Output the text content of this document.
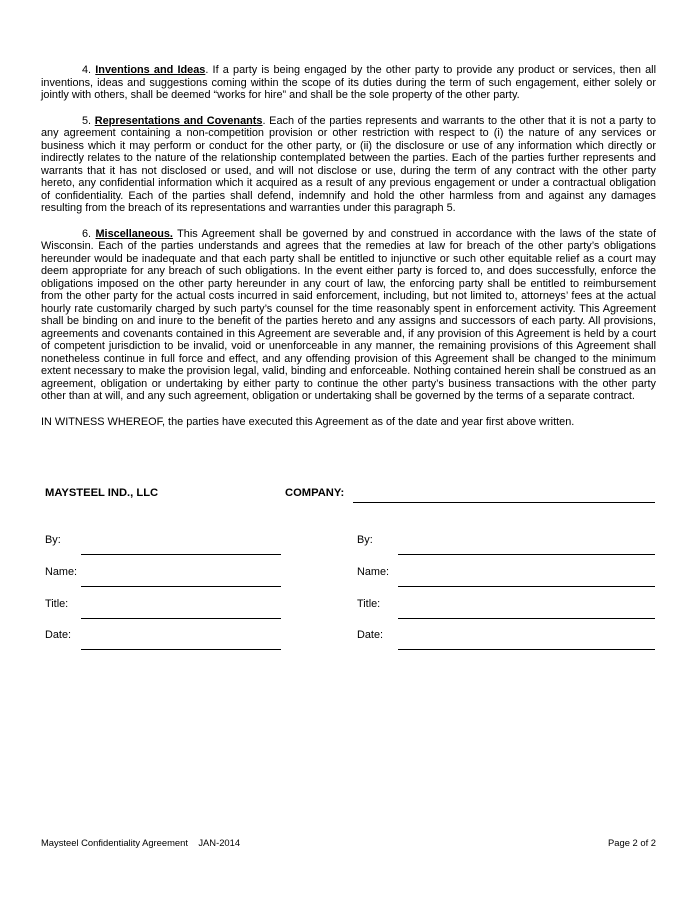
4. Inventions and Ideas. If a party is being engaged by the other party to provide any product or services, then all inventions, ideas and suggestions coming within the scope of its duties during the term of such engagement, either solely or jointly with others, shall be deemed “works for hire” and shall be the sole property of the other party.

5. Representations and Covenants. Each of the parties represents and warrants to the other that it is not a party to any agreement containing a non-competition provision or other restriction with respect to (i) the nature of any services or business which it may perform or conduct for the other party, or (ii) the disclosure or use of any information which directly or indirectly relates to the nature of the relationship contemplated between the parties. Each of the parties further represents and warrants that it has not disclosed or used, and will not disclose or use, during the term of any contract with the other party hereto, any confidential information which it acquired as a result of any previous engagement or under a contractual obligation of confidentiality. Each of the parties shall defend, indemnify and hold the other harmless from and against any damages resulting from the breach of its representations and warranties under this paragraph 5.

6. Miscellaneous. This Agreement shall be governed by and construed in accordance with the laws of the state of Wisconsin. Each of the parties understands and agrees that the remedies at law for breach of the other party’s obligations hereunder would be inadequate and that each party shall be entitled to injunctive or such other equitable relief as a court may deem appropriate for any breach of such obligations. In the event either party is forced to, and does successfully, enforce the obligations imposed on the other party hereunder in any court of law, the enforcing party shall be entitled to reimbursement from the other party for the actual costs incurred in said enforcement, including, but not limited to, attorneys’ fees at the actual hourly rate customarily charged by such party’s counsel for the time reasonably spent in enforcement activity. This Agreement shall be binding on and inure to the benefit of the parties hereto and any assigns and successors of each party. All provisions, agreements and covenants contained in this Agreement are severable and, if any provision of this Agreement is held by a court of competent jurisdiction to be invalid, void or unenforceable in any manner, the remaining provisions of this Agreement shall nonetheless continue in full force and effect, and any offending provision of this Agreement shall be changed to the minimum extent necessary to make the provision legal, valid, binding and enforceable. Nothing contained herein shall be construed as an agreement, obligation or undertaking by either party to continue the other party’s business transactions with the other party other than at will, and any such agreement, obligation or undertaking shall be governed by the terms of a separate contract.

IN WITNESS WHEREOF, the parties have executed this Agreement as of the date and year first above written.

MAYSTEEL IND., LLC	COMPANY:
By:
Name:
Title:
Date:
By:
Name:
Title:
Date:
Maysteel Confidentiality Agreement    JAN-2014	Page 2 of 2
